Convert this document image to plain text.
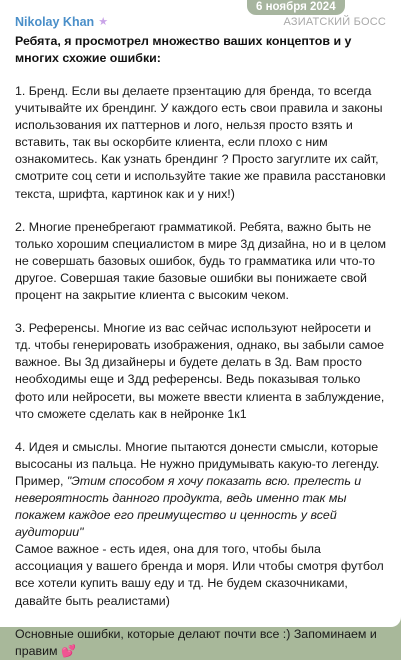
Nikolay Khan ★	АЗИАТСКИЙ БОСС

Ребята, я просмотрел множество ваших концептов и у многих схожие ошибки:

1. Бренд. Если вы делаете прзентацию для бренда, то всегда учитывайте их брендинг. У каждого есть свои правила и законы использования их паттернов и лого, нельзя просто взять и вставить, так вы оскорбите клиента, если плохо с ним ознакомитесь. Как узнать брендинг ? Просто загуглите их сайт, смотрите соц сети и используйте такие же правила расстановки текста, шрифта, картинок как и у них!)

2. Многие пренебрегают грамматикой. Ребята, важно быть не только хорошим специалистом в мире 3д дизайна, но и в целом не совершать базовых ошибок, будь то грамматика или что-то другое. Совершая такие базовые ошибки вы понижаете свой процент на закрытие клиента с высоким чеком.

3. Референсы. Многие из вас сейчас используют нейросети и тд. чтобы генерировать изображения, однако, вы забыли самое важное. Вы 3д дизайнеры и будете делать в 3д. Вам просто необходимы еще и 3дд референсы. Ведь показывая только фото или нейросети, вы можете ввести клиента в заблуждение, что сможете сделать как в нейронке 1к1

4. Идея и смыслы. Многие пытаются донести смысли, которые высосаны из пальца. Не нужно придумывать какую-то легенду. Пример, "Этим способом я хочу показать всю. прелесть и невероятность данного продукта, ведь именно так мы покажем каждое его преимущество и ценность у всей аудитории"
Самое важное - есть идея, она для того, чтобы была ассоциация у вашего бренда и моря. Или чтобы смотря футбол все хотели купить вашу еду и тд. Не будем сказочниками, давайте быть реалистами)

Основные ошибки, которые делают почти все :) Запоминаем и правим 💕

6 ноября 2024
